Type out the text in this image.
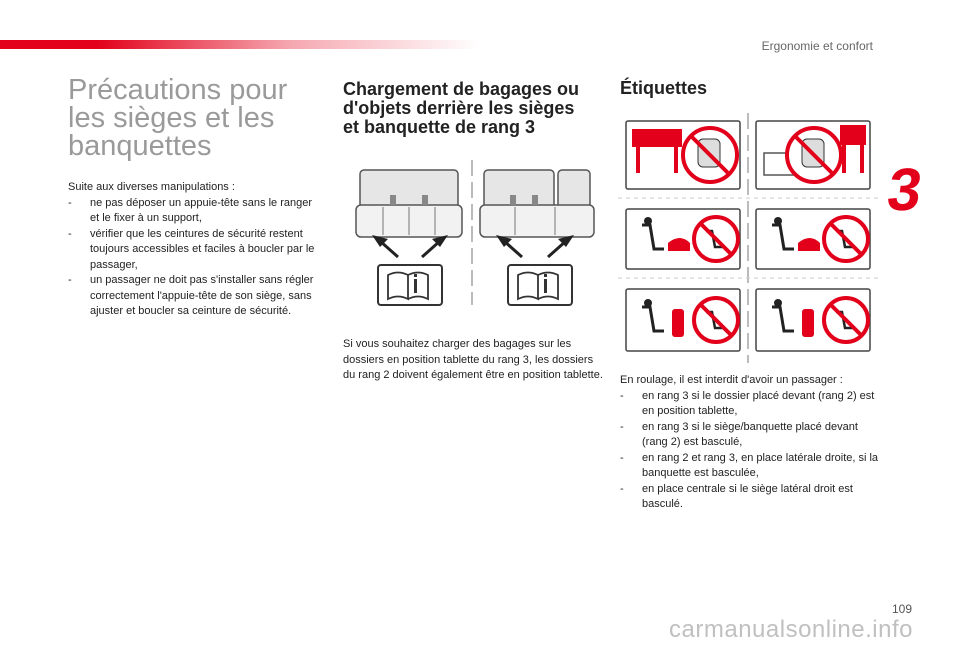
Ergonomie et confort
3
Précautions pour
les sièges et les
banquettes

Suite aux diverses manipulations :

- ne pas déposer un appuie-tête sans le ranger et le fixer à un support,
- vérifier que les ceintures de sécurité restent toujours accessibles et faciles à boucler par le passager,
- un passager ne doit pas s'installer sans régler correctement l'appuie-tête de son siège, sans ajuster et boucler sa ceinture de sécurité.
Chargement de bagages ou
d'objets derrière les sièges
et banquette de rang 3

Si vous souhaitez charger des bagages sur les dossiers en position tablette du rang 3, les dossiers du rang 2 doivent également être en position tablette.

Étiquettes

En roulage, il est interdit d'avoir un passager :

- en rang 3 si le dossier placé devant (rang 2) est en position tablette,
- en rang 3 si le siège/banquette placé devant (rang 2) est basculé,
- en rang 2 et rang 3, en place latérale droite, si la banquette est basculée,
- en place centrale si le siège latéral droit est basculé.
109
carmanualsonline.info
